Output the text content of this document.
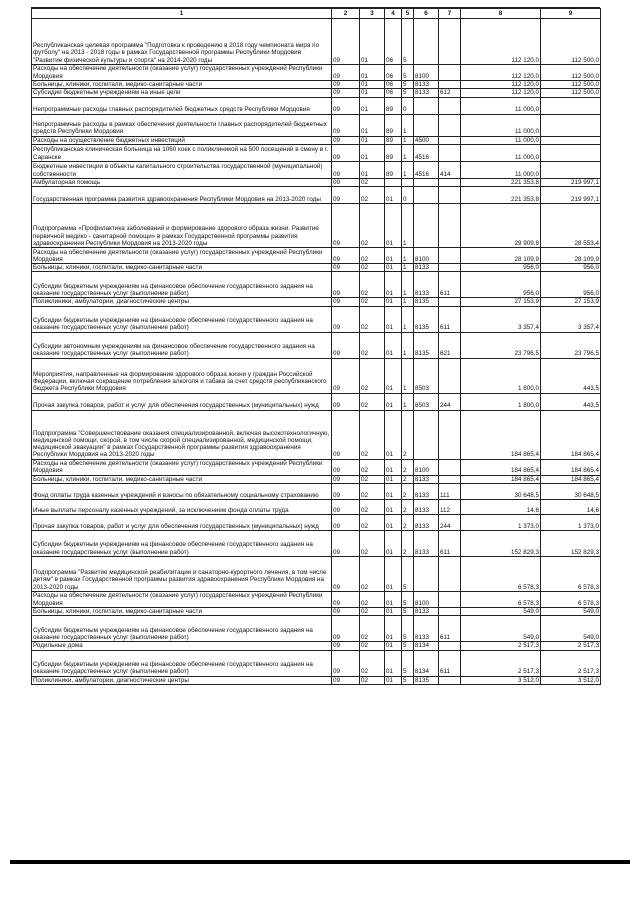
1	2	3	4	5	6	7	8	9
Республиканская целевая программа "Подготовка к проведению в 2018 году чемпионата мира по футболу" на 2013 - 2018 годы в рамках Государственной программы Республики Мордовия "Развитие физической культуры и спорта" на 2014-2020 годы	09	01	06	5			112 120,0	112 500,0
Расходы на обеспечение деятельности (оказание услуг) государственных учреждений Республики Мордовия	09	01	06	5	8100		112 120,0	112 500,0
Больницы, клиники, госпитали, медико-санитарные части	09	01	06	5	8133		112 120,0	112 500,0
Субсидии бюджетным учреждениям на иные цели	09	01	06	5	8133	612	112 120,0	112 500,0
Непрограммные расходы главных распорядителей бюджетных средств Республики Мордовия	09	01	89	0			11 000,0	
Непрограммные расходы в рамках обеспечения деятельности главных распорядителей бюджетных средств Республики Мордовия	09	01	89	1			11 000,0	
Расходы на осуществление бюджетных инвестиций	09	01	89	1	4500		11 000,0	
Республиканская клиническая больница на 1060 коек с поликлиникой на 500 посещений в смену в г. Саранске	09	01	89	1	4516		11 000,0	
Бюджетные инвестиции в объекты капитального строительства государственной (муниципальной) собственности	09	01	89	1	4516	414	11 000,0	
Амбулаторная помощь	09	02					221 353,8	219 997,1
Государственная программа развития здравоохранения Республики Мордовия на 2013-2020 годы	09	02	01	0			221 353,8	219 997,1
Подпрограмма «Профилактика заболеваний и формирование здорового образа жизни. Развитие первичной медико - санитарной помощи» в рамках Государственной программы развития здравоохранения Республики Мордовия на 2013-2020 годы	09	02	01	1			29 909,8	28 553,4
Расходы на обеспечение деятельности (оказание услуг) государственных учреждений Республики Мордовия	09	02	01	1	8100		28 109,9	28 109,9
Больницы, клиники, госпитали, медико-санитарные части	09	02	01	1	8133		956,0	956,0
Субсидии бюджетным учреждениям на финансовое обеспечение государственного задания на оказание государственных услуг (выполнение работ)	09	02	01	1	8133	611	956,0	956,0
Поликлиники, амбулатории, диагностические центры	09	02	01	1	8135		27 153,9	27 153,9
Субсидии бюджетным учреждениям на финансовое обеспечение государственного задания на оказание государственных услуг (выполнение работ)	09	02	01	1	8135	611	3 357,4	3 357,4
Субсидии автономным учреждениям на финансовое обеспечение государственного задания на оказание государственных услуг (выполнение работ)	09	02	01	1	8135	621	23 796,5	23 796,5
Мероприятия, направленные на формирование здорового образа жизни у граждан Российской Федерации, включая сокращение потребления алкоголя и табака за счет средств республиканского бюджета Республики Мордовия	09	02	01	1	8503		1 800,0	443,5
Прочая закупка товаров, работ и услуг для обеспечения государственных (муниципальных) нужд	09	02	01	1	8503	244	1 800,0	443,5
Подпрограмма "Совершенствование оказания специализированной, включая высокотехнологичную, медицинской помощи, скорой, в том числе скорой специализированной, медицинской помощи, медицинской эвакуации" в рамках Государственной программы развития здравоохранения Республики Мордовия на 2013-2020 годы	09	02	01	2			184 865,4	184 865,4
Расходы на обеспечение деятельности (оказание услуг) государственных учреждений Республики Мордовия	09	02	01	2	8100		184 865,4	184 865,4
Больницы, клиники, госпитали, медико-санитарные части	09	02	01	2	8133		184 865,4	184 865,4
Фонд оплаты труда казенных учреждений и взносы по обязательному социальному страхованию	09	02	01	2	8133	111	30 648,5	30 648,5
Иные выплаты персоналу казенных учреждений, за исключением фонда оплаты труда	09	02	01	2	8133	112	14,6	14,6
Прочая закупка товаров, работ и услуг для обеспечения государственных (муниципальных) нужд	09	02	01	2	8133	244	1 373,0	1 373,0
Субсидии бюджетным учреждениям на финансовое обеспечение государственного задания на оказание государственных услуг (выполнение работ)	09	02	01	2	8133	611	152 829,3	152 829,3
Подпрограмма "Развитие медицинской реабилитации и санаторно-курортного лечения, в том числе детям" в рамках Государственной программы развития здравоохранения Республики Мордовия на 2013-2020 годы	09	02	01	5			6 578,3	6 578,3
Расходы на обеспечение деятельности (оказание услуг) государственных учреждений Республики Мордовия	09	02	01	5	8100		6 578,3	6 578,3
Больницы, клиники, госпитали, медико-санитарные части	09	02	01	5	8133		549,0	549,0
Субсидии бюджетным учреждениям на финансовое обеспечение государственного задания на оказание государственных услуг (выполнение работ)	09	02	01	5	8133	611	549,0	549,0
Родильные дома	09	02	01	5	8134		2 517,3	2 517,3
Субсидии бюджетным учреждениям на финансовое обеспечение государственного задания на оказание государственных услуг (выполнение работ)	09	02	01	5	8134	611	2 517,3	2 517,3
Поликлиники, амбулатории, диагностические центры	09	02	01	5	8135		3 512,0	3 512,0
